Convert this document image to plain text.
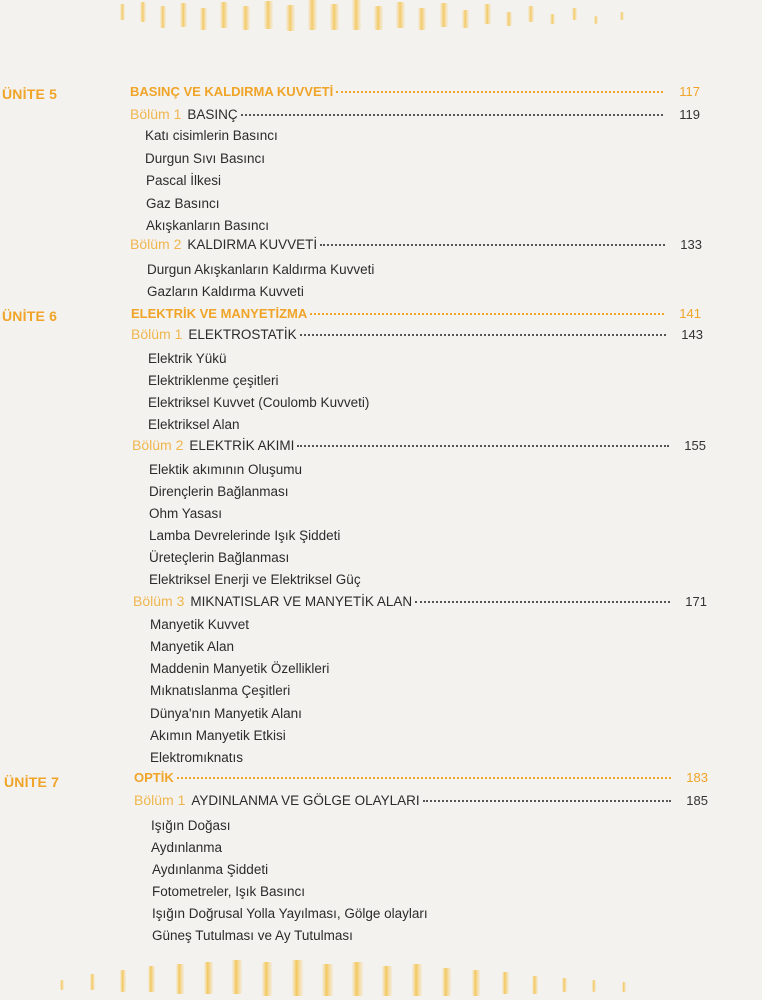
ÜNİTE 5	BASINÇ VE KALDIRMA KUVVETİ	117
Bölüm 1 BASINÇ	119
Katı cisimlerin Basıncı
Durgun Sıvı Basıncı
Pascal İlkesi
Gaz Basıncı
Akışkanların Basıncı
Bölüm 2 KALDIRMA KUVVETİ	133
Durgun Akışkanların Kaldırma Kuvveti
Gazların Kaldırma Kuvveti
ÜNİTE 6	ELEKTRİK VE MANYETİZMA	141
Bölüm 1 ELEKTROSTATİK	143
Elektrik Yükü
Elektriklenme çeşitleri
Elektriksel Kuvvet (Coulomb Kuvveti)
Elektriksel Alan
Bölüm 2 ELEKTRİK AKIMI	155
Elektik akımının Oluşumu
Dirençlerin Bağlanması
Ohm Yasası
Lamba Devrelerinde Işık Şiddeti
Üreteçlerin Bağlanması
Elektriksel Enerji ve Elektriksel Güç
Bölüm 3 MIKNATISLAR VE MANYETİK ALAN	171
Manyetik Kuvvet
Manyetik Alan
Maddenin Manyetik Özellikleri
Mıknatıslanma Çeşitleri
Dünya'nın Manyetik Alanı
Akımın Manyetik Etkisi
Elektromıknatıs
ÜNİTE 7	OPTİK	183
Bölüm 1 AYDINLANMA VE GÖLGE OLAYLARI	185
Işığın Doğası
Aydınlanma
Aydınlanma Şiddeti
Fotometreler, Işık Basıncı
Işığın Doğrusal Yolla Yayılması, Gölge olayları
Güneş Tutulması ve Ay Tutulması
